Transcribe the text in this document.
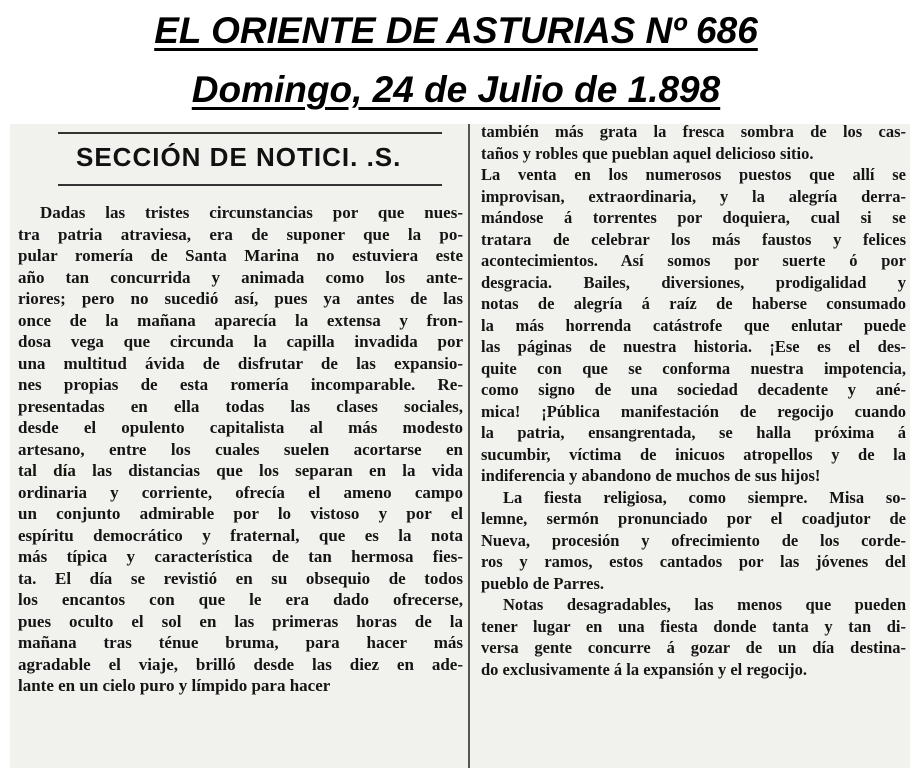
EL ORIENTE DE ASTURIAS Nº 686
Domingo, 24 de Julio de 1.898
SECCIÓN DE NOTICI. .S.
Dadas las tristes circunstancias por que nues-
tra patria atraviesa, era de suponer que la po-
pular romería de Santa Marina no estuviera este
año tan concurrida y animada como los ante-
riores; pero no sucedió así, pues ya antes de las
once de la mañana aparecía la extensa y fron-
dosa vega que circunda la capilla invadida por
una multitud ávida de disfrutar de las expansio-
nes propias de esta romería incomparable. Re-
presentadas en ella todas las clases sociales,
desde el opulento capitalista al más modesto
artesano, entre los cuales suelen acortarse en
tal día las distancias que los separan en la vida
ordinaria y corriente, ofrecía el ameno campo
un conjunto admirable por lo vistoso y por el
espíritu democrático y fraternal, que es la nota
más típica y característica de tan hermosa fies-
ta. El día se revistió en su obsequio de todos
los encantos con que le era dado ofrecerse,
pues oculto el sol en las primeras horas de la
mañana tras ténue bruma, para hacer más
agradable el viaje, brilló desde las diez en ade-
lante en un cielo puro y límpido para hacer
también más grata la fresca sombra de los cas-
taños y robles que pueblan aquel delicioso sitio.
La venta en los numerosos puestos que allí se
improvisan, extraordinaria, y la alegría derra-
mándose á torrentes por doquiera, cual si se
tratara de celebrar los más faustos y felices
acontecimientos. Así somos por suerte ó por
desgracia. Bailes, diversiones, prodigalidad y
notas de alegría á raíz de haberse consumado
la más horrenda catástrofe que enlutar puede
las páginas de nuestra historia. ¡Ese es el des-
quite con que se conforma nuestra impotencia,
como signo de una sociedad decadente y ané-
mica! ¡Pública manifestación de regocijo cuando
la patria, ensangrentada, se halla próxima á
sucumbir, víctima de inicuos atropellos y de la
indiferencia y abandono de muchos de sus hijos!
La fiesta religiosa, como siempre. Misa so-
lemne, sermón pronunciado por el coadjutor de
Nueva, procesión y ofrecimiento de los corde-
ros y ramos, estos cantados por las jóvenes del
pueblo de Parres.
Notas desagradables, las menos que pueden
tener lugar en una fiesta donde tanta y tan di-
versa gente concurre á gozar de un día destina-
do exclusivamente á la expansión y el regocijo.
